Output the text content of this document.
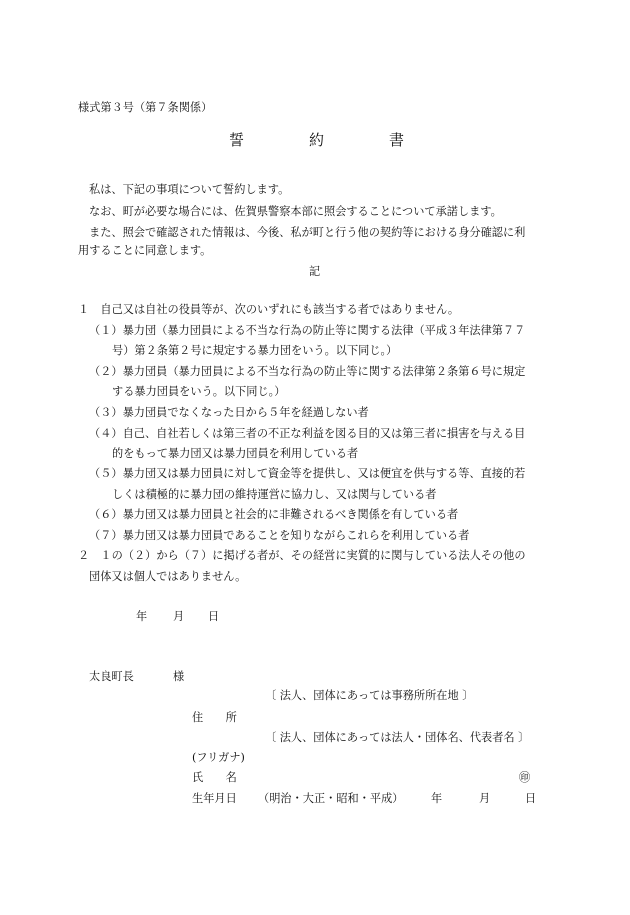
様式第３号（第７条関係）
誓	約	書
私は、下記の事項について誓約します。
なお、町が必要な場合には、佐賀県警察本部に照会することについて承諾します。
また、照会で確認された情報は、今後、私が町と行う他の契約等における身分確認に利
用することに同意します。
記
１　自己又は自社の役員等が、次のいずれにも該当する者ではありません。
（１）暴力団（暴力団員による不当な行為の防止等に関する法律（平成３年法律第７７
号）第２条第２号に規定する暴力団をいう。以下同じ。）
（２）暴力団員（暴力団員による不当な行為の防止等に関する法律第２条第６号に規定
する暴力団員をいう。以下同じ。）
（３）暴力団員でなくなった日から５年を経過しない者
（４）自己、自社若しくは第三者の不正な利益を図る目的又は第三者に損害を与える目
的をもって暴力団又は暴力団員を利用している者
（５）暴力団又は暴力団員に対して資金等を提供し、又は便宜を供与する等、直接的若
しくは積極的に暴力団の維持運営に協力し、又は関与している者
（６）暴力団又は暴力団員と社会的に非難されるべき関係を有している者
（７）暴力団又は暴力団員であることを知りながらこれらを利用している者
２　１の（２）から（７）に掲げる者が、その経営に実質的に関与している法人その他の
団体又は個人ではありません。
年 月 日
太良町長	様
〔 法人、団体にあっては事務所所在地 〕
住　　所
〔 法人、団体にあっては法人・団体名、代表者名 〕
(フリガナ)
氏　　名	㊞
生年月日 （明治・大正・昭和・平成） 年	月	日
